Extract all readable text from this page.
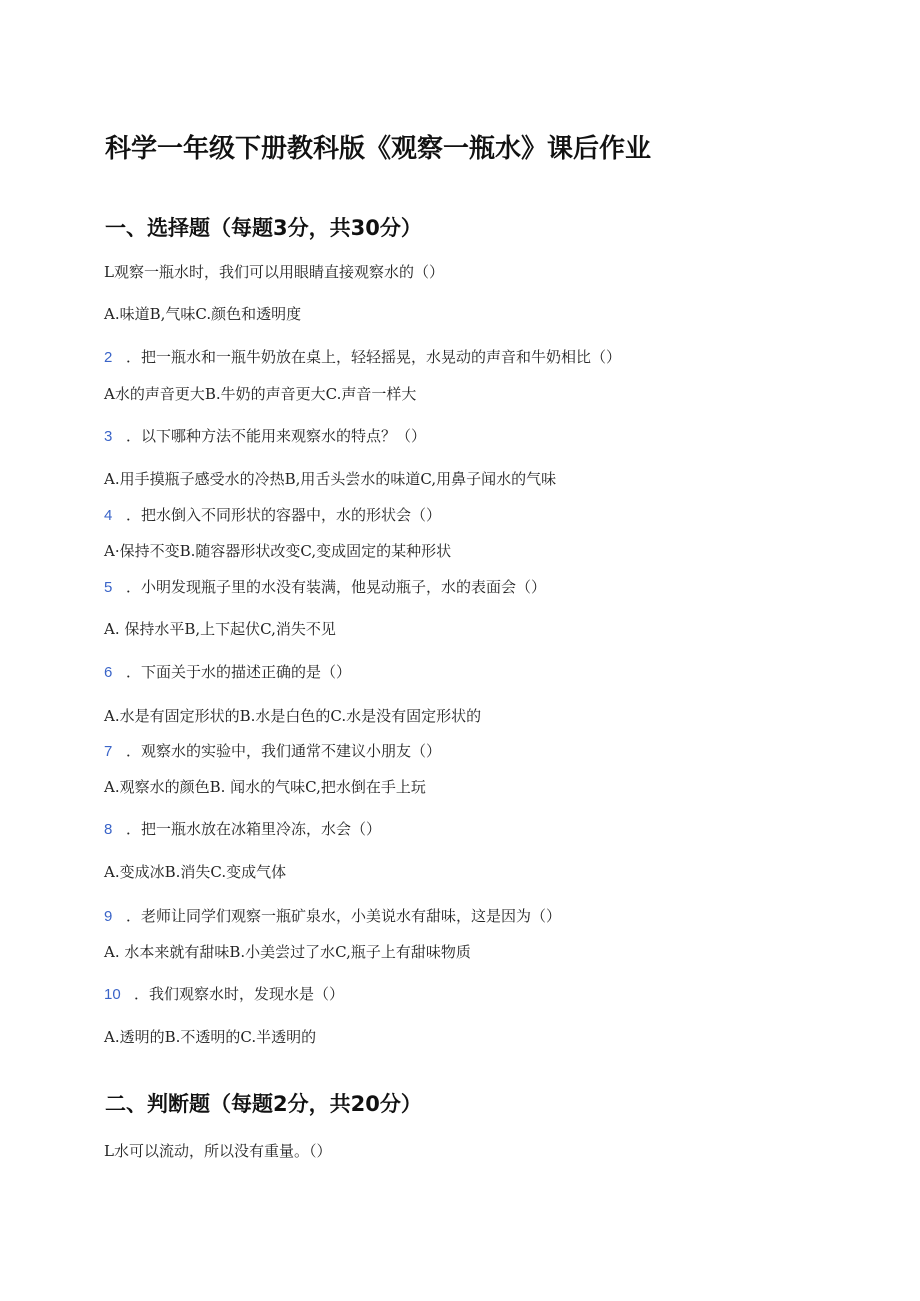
科学一年级下册教科版《观察一瓶水》课后作业
一、选择题（每题3分，共30分）
L观察一瓶水时，我们可以用眼睛直接观察水的（）
A.味道B,气味C.颜色和透明度
2 ．把一瓶水和一瓶牛奶放在桌上，轻轻摇晃，水晃动的声音和牛奶相比（）
A水的声音更大B.牛奶的声音更大C.声音一样大
3 ．以下哪种方法不能用来观察水的特点？（）
A.用手摸瓶子感受水的冷热B,用舌头尝水的味道C,用鼻子闻水的气味
4 ．把水倒入不同形状的容器中，水的形状会（）
A·保持不变B.随容器形状改变C,变成固定的某种形状
5 ．小明发现瓶子里的水没有装满，他晃动瓶子，水的表面会（）
A. 保持水平B,上下起伏C,消失不见
6 ．下面关于水的描述正确的是（）
A.水是有固定形状的B.水是白色的C.水是没有固定形状的
7 ．观察水的实验中，我们通常不建议小朋友（）
A.观察水的颜色B. 闻水的气味C,把水倒在手上玩
8 ．把一瓶水放在冰箱里冷冻，水会（）
A.变成冰B.消失C.变成气体
9 ．老师让同学们观察一瓶矿泉水，小美说水有甜味，这是因为（）
A. 水本来就有甜味B.小美尝过了水C,瓶子上有甜味物质
10 ．我们观察水时，发现水是（）
A.透明的B.不透明的C.半透明的
二、判断题（每题2分，共20分）
L水可以流动，所以没有重量。（）
